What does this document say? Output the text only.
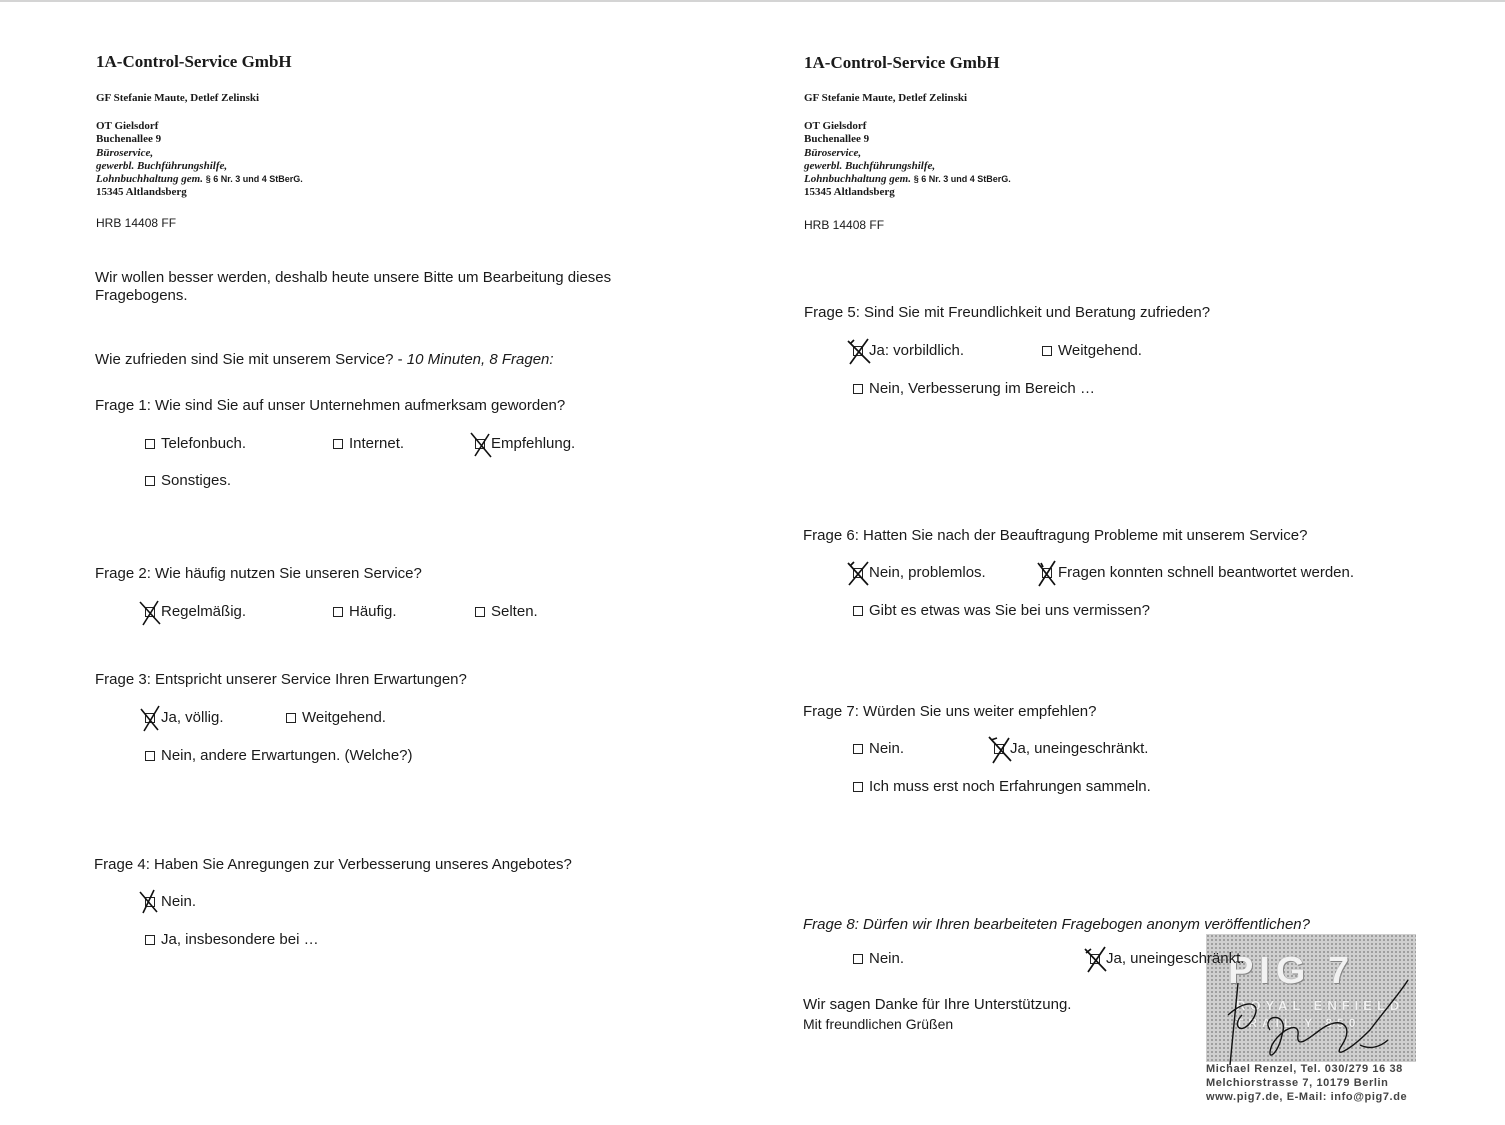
1A-Control-Service GmbH
GF Stefanie Maute, Detlef Zelinski
OT Gielsdorf
Buchenallee 9
Büroservice,
gewerbl. Buchführungshilfe,
Lohnbuchhaltung gem. § 6 Nr. 3 und 4 StBerG.
15345 Altlandsberg
HRB 14408 FF
Wir wollen besser werden, deshalb heute unsere Bitte um Bearbeitung dieses Fragebogens.
Wie zufrieden sind Sie mit unserem Service? - 10 Minuten, 8 Fragen:
Frage 1: Wie sind Sie auf unser Unternehmen aufmerksam geworden?
Telefonbuch.	Internet.	Empfehlung.
Sonstiges.
Frage 2: Wie häufig nutzen Sie unseren Service?
Regelmäßig.	Häufig.	Selten.
Frage 3: Entspricht unserer Service Ihren Erwartungen?
Ja, völlig.	Weitgehend.
Nein, andere Erwartungen. (Welche?)
Frage 4: Haben Sie Anregungen zur Verbesserung unseres Angebotes?
Nein.
Ja, insbesondere bei …
1A-Control-Service GmbH
GF Stefanie Maute, Detlef Zelinski
OT Gielsdorf
Buchenallee 9
Büroservice,
gewerbl. Buchführungshilfe,
Lohnbuchhaltung gem. § 6 Nr. 3 und 4 StBerG.
15345 Altlandsberg
HRB 14408 FF
Frage 5: Sind Sie mit Freundlichkeit und Beratung zufrieden?
Ja: vorbildlich.	Weitgehend.
Nein, Verbesserung im Bereich …
Frage 6: Hatten Sie nach der Beauftragung Probleme mit unserem Service?
Nein, problemlos.	Fragen konnten schnell beantwortet werden.
Gibt es etwas was Sie bei uns vermissen?
Frage 7: Würden Sie uns weiter empfehlen?
Nein.	Ja, uneingeschränkt.
Ich muss erst noch Erfahrungen sammeln.
Frage 8: Dürfen wir Ihren bearbeiteten Fragebogen anonym veröffentlichen?
PIG 7
ROYAL ENFIELD
TRAIL Y 850
Michael Renzel, Tel. 030/279 16 38
Melchiorstrasse 7, 10179 Berlin
www.pig7.de, E-Mail: info@pig7.de
Nein.	Ja, uneingeschränkt.
Wir sagen Danke für Ihre Unterstützung.
Mit freundlichen Grüßen
